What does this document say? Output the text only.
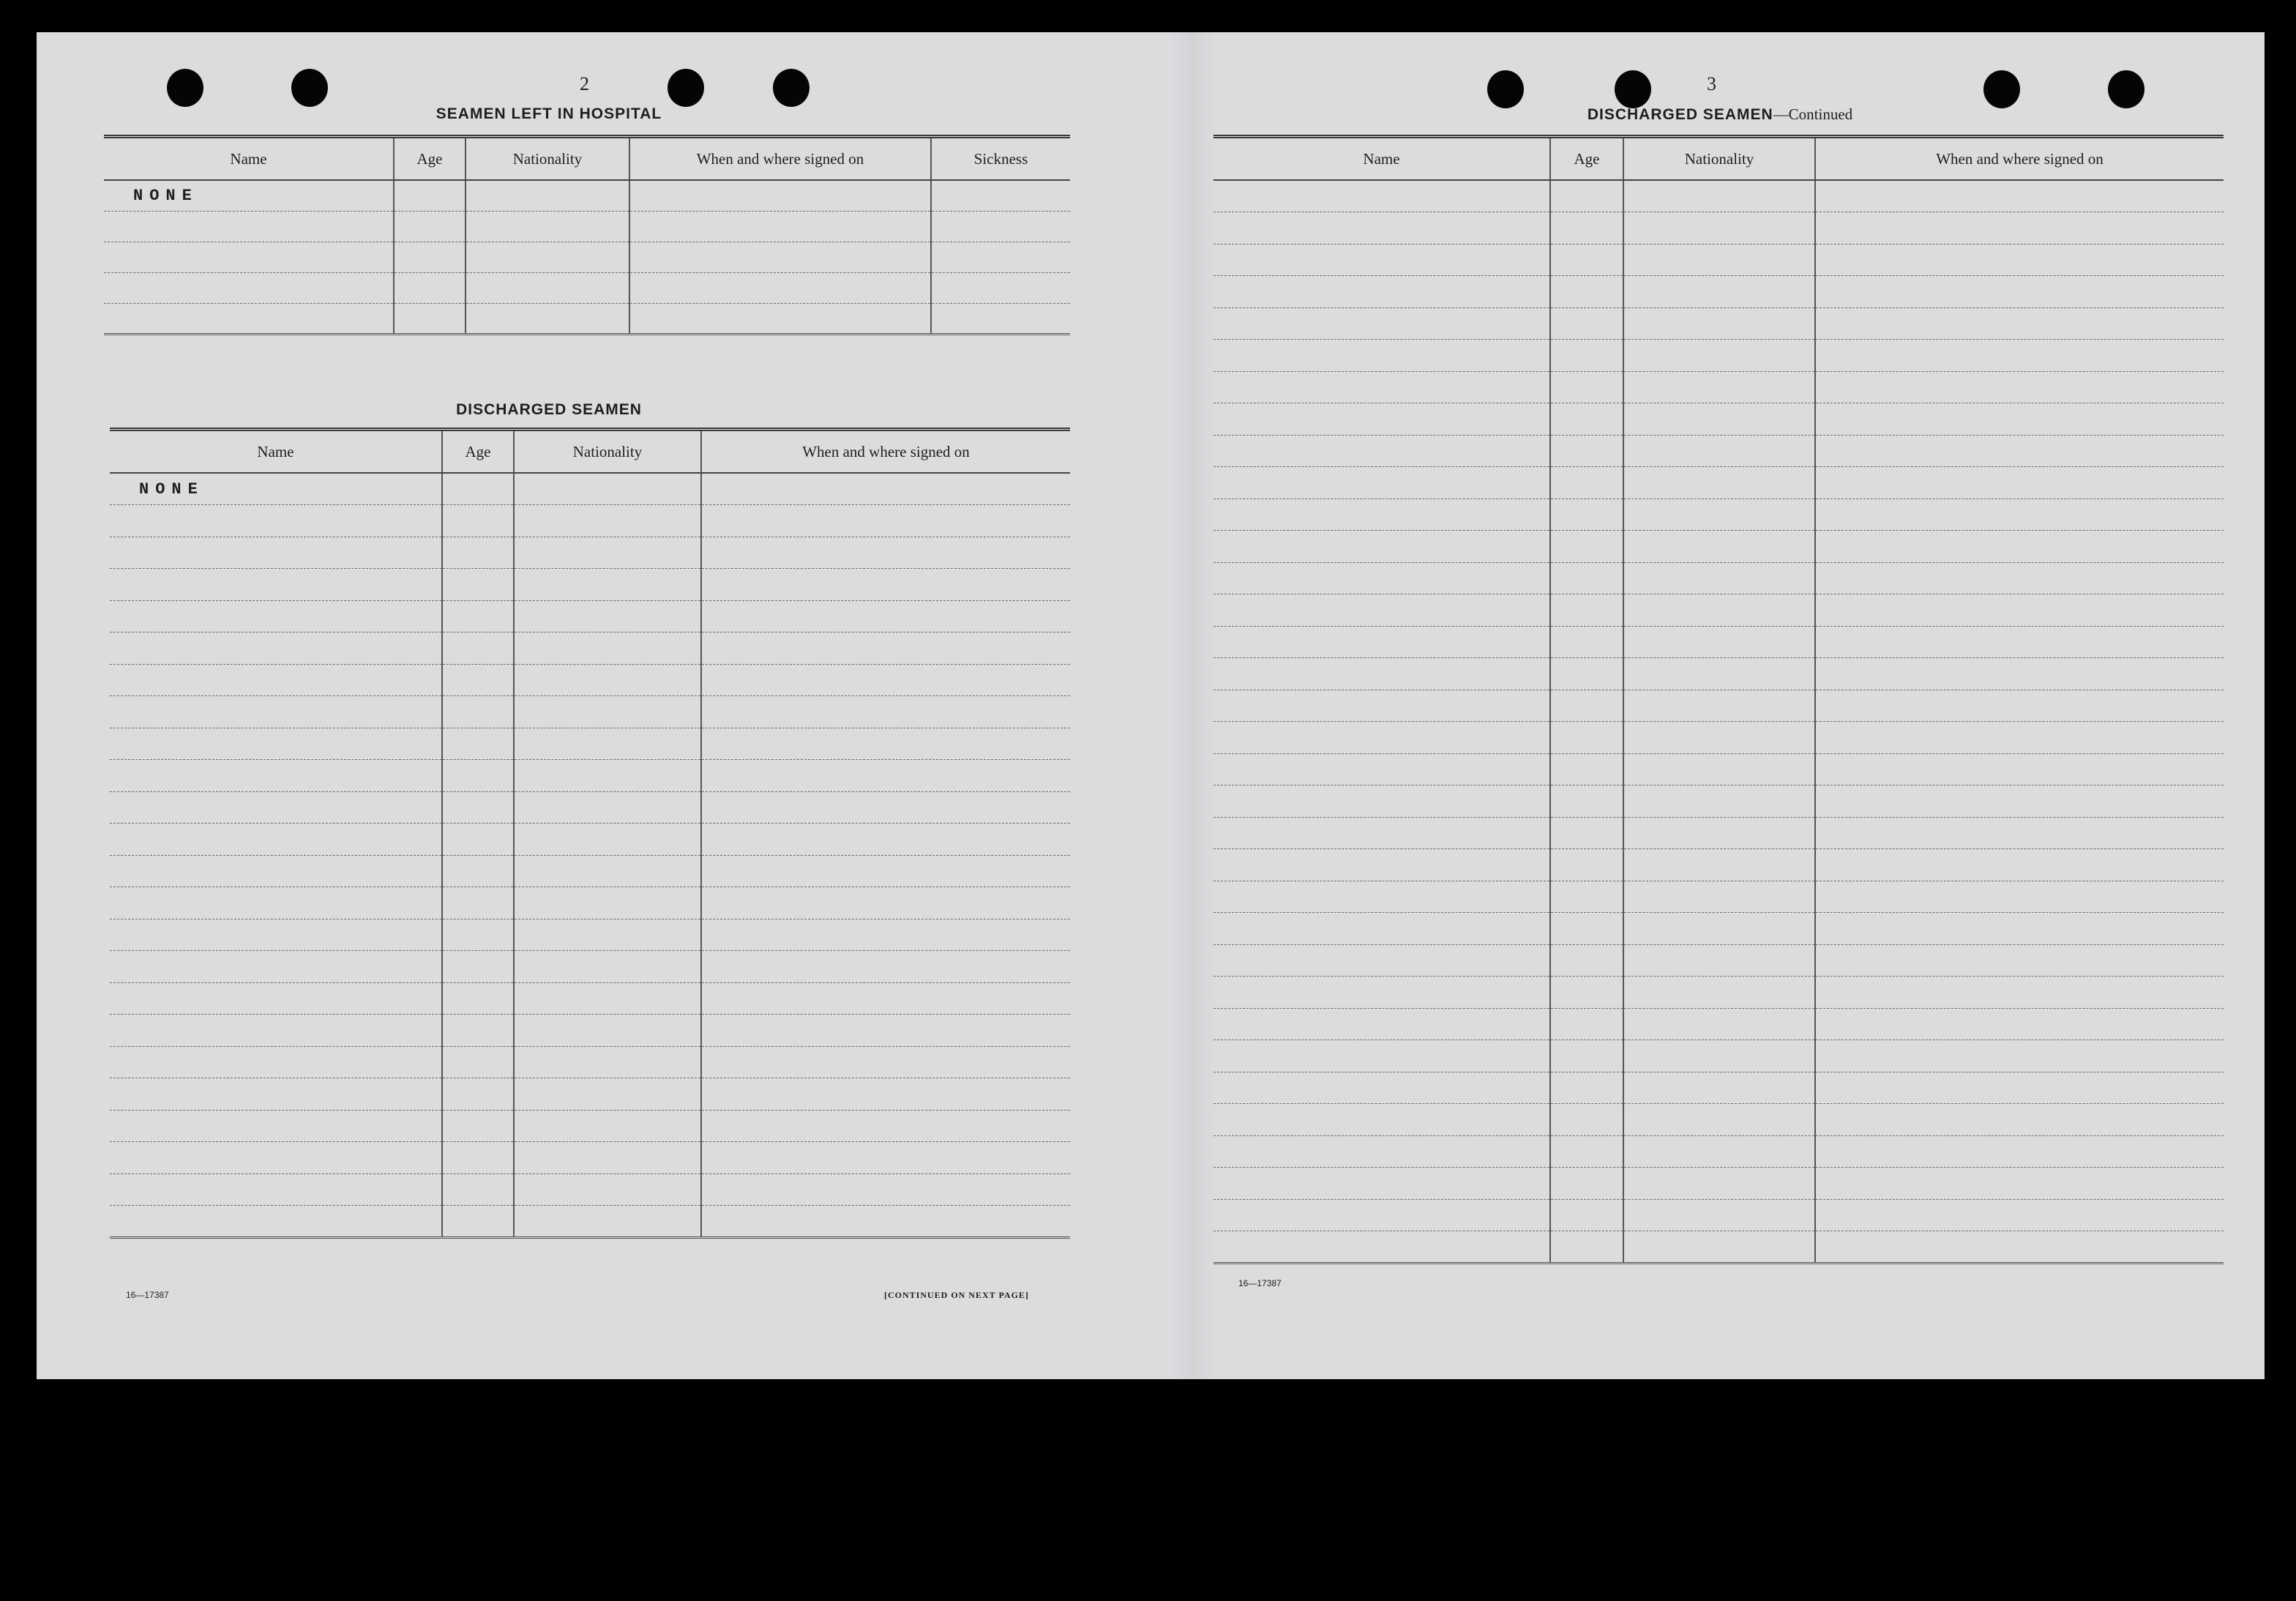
2
SEAMEN LEFT IN HOSPITAL
Name	Age	Nationality	When and where signed on	Sickness
NONE				

DISCHARGED SEAMEN
Name	Age	Nationality	When and where signed on
NONE			

16—17387	[CONTINUED ON NEXT PAGE]
3
DISCHARGED SEAMEN—Continued
Name	Age	Nationality	When and where signed on

16—17387
